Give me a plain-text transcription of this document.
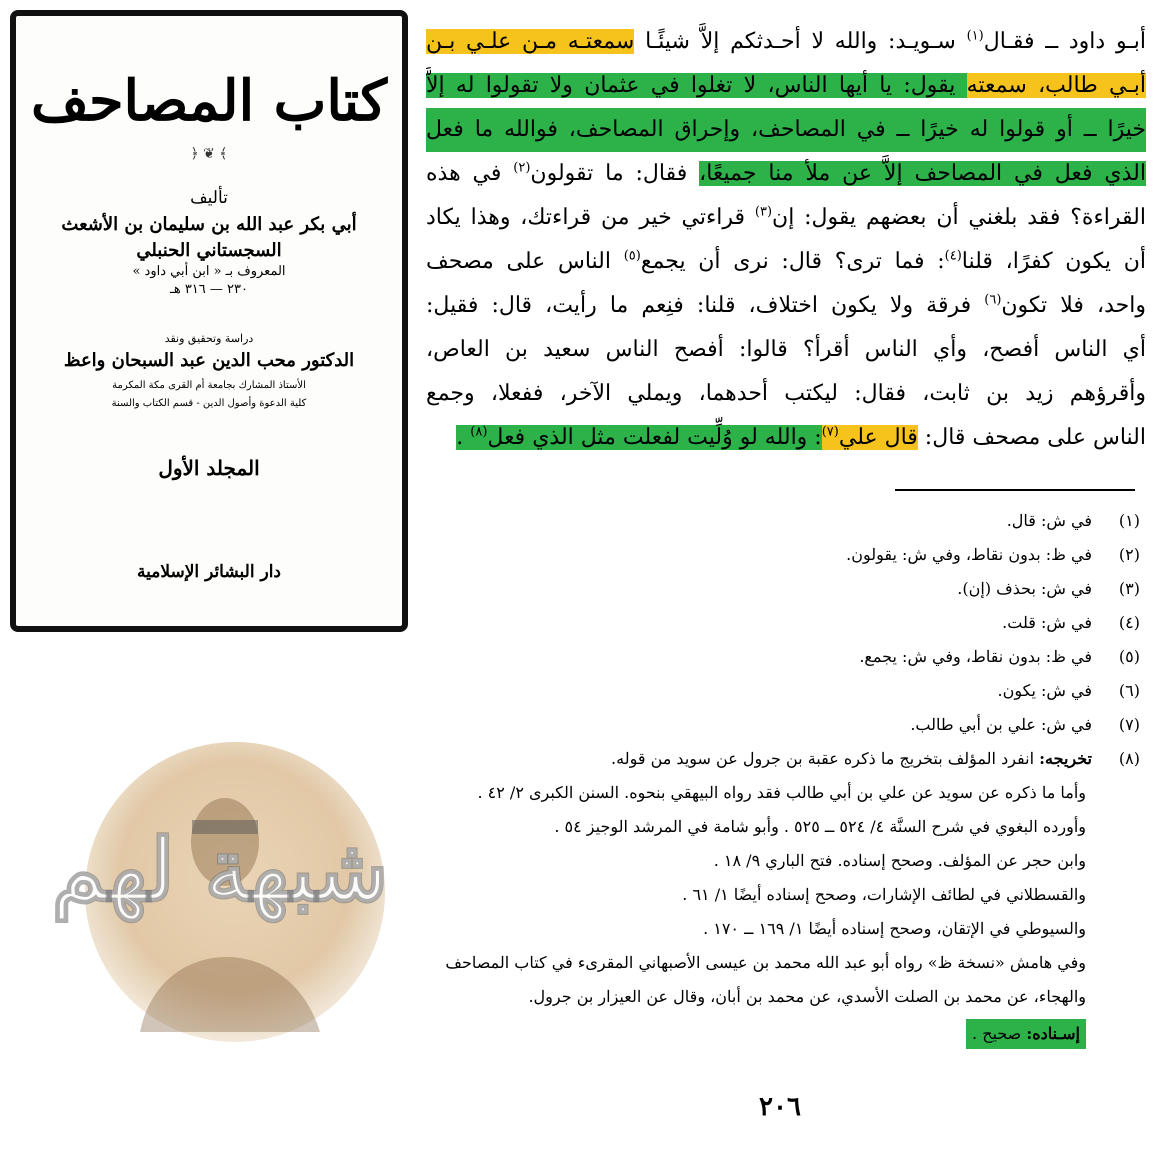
كتاب المصاحف
﴾ ❦ ﴿
تأليف
أبي بكر عبد الله بن سليمان بن الأشعث السجستاني الحنبلي
المعروف بـ « ابن أبي داود »
٢٣٠ — ٣١٦ هـ
دراسة وتحقيق ونقد
الدكتور محب الدين عبد السبحان واعظ
الأستاذ المشارك بجامعة أم القرى مكة المكرمة
كلية الدعوة وأصول الدين - قسم الكتاب والسنة
المجلد الأول
دار البشائر الإسلامية
شبهة لهم
أبـو داود ــ فقـال$^{(١)}$ سـويـد: والله لا أحـدثكم إلاَّ شيئًـا سمعتـه مـن علـي بـن
أبـي طالب، سمعته يقول: يا أيها الناس، لا تغلوا في عثمان ولا تقولوا له إلاَّ
خيرًا ــ أو قولوا له خيرًا ــ في المصاحف، وإحراق المصاحف، فوالله ما فعل
الذي فعل في المصاحف إلاَّ عن ملأ منا جميعًا، فقال: ما تقولون$^{(٢)}$ في هذه
القراءة؟ فقد بلغني أن بعضهم يقول: إن$^{(٣)}$ قراءتي خير من قراءتك، وهذا يكاد
أن يكون كفرًا، قلنا$^{(٤)}$: فما ترى؟ قال: نرى أن يجمع$^{(٥)}$ الناس على مصحف
واحد، فلا تكون$^{(٦)}$ فرقة ولا يكون اختلاف، قلنا: فنِعم ما رأيت، قال: فقيل:
أي الناس أفصح، وأي الناس أقرأ؟ قالوا: أفصح الناس سعيد بن العاص،
وأقرؤهم زيد بن ثابت، فقال: ليكتب أحدهما، ويملي الآخر، ففعلا، وجمع
الناس على مصحف قال: قال علي$^{(٧)}$: والله لو وُلِّيت لفعلت مثل الذي فعل$^{(٨)}$ .
(١)في ش: قال.
(٢)في ظ: بدون نقاط، وفي ش: يقولون.
(٣)في ش: بحذف (إن).
(٤)في ش: قلت.
(٥)في ظ: بدون نقاط، وفي ش: يجمع.
(٦)في ش: يكون.
(٧)في ش: علي بن أبي طالب.
(٨)تخريجه: انفرد المؤلف بتخريج ما ذكره عقبة بن جرول عن سويد من قوله.
وأما ما ذكره عن سويد عن علي بن أبي طالب فقد رواه البيهقي بنحوه. السنن الكبرى ٢/ ٤٢ .
وأورده البغوي في شرح السنَّة ٤/ ٥٢٤ ــ ٥٢٥ . وأبو شامة في المرشد الوجيز ٥٤ .
وابن حجر عن المؤلف. وصحح إسناده. فتح الباري ٩/ ١٨ .
والقسطلاني في لطائف الإشارات، وصحح إسناده أيضًا ١/ ٦١ .
والسيوطي في الإتقان، وصحح إسناده أيضًا ١/ ١٦٩ ــ ١٧٠ .
وفي هامش «نسخة ظ» رواه أبو عبد الله محمد بن عيسى الأصبهاني المقرىء في كتاب المصاحف
والهجاء، عن محمد بن الصلت الأسدي، عن محمد بن أبان، وقال عن العيزار بن جرول.
إسـناده: صحيح .
٢٠٦
